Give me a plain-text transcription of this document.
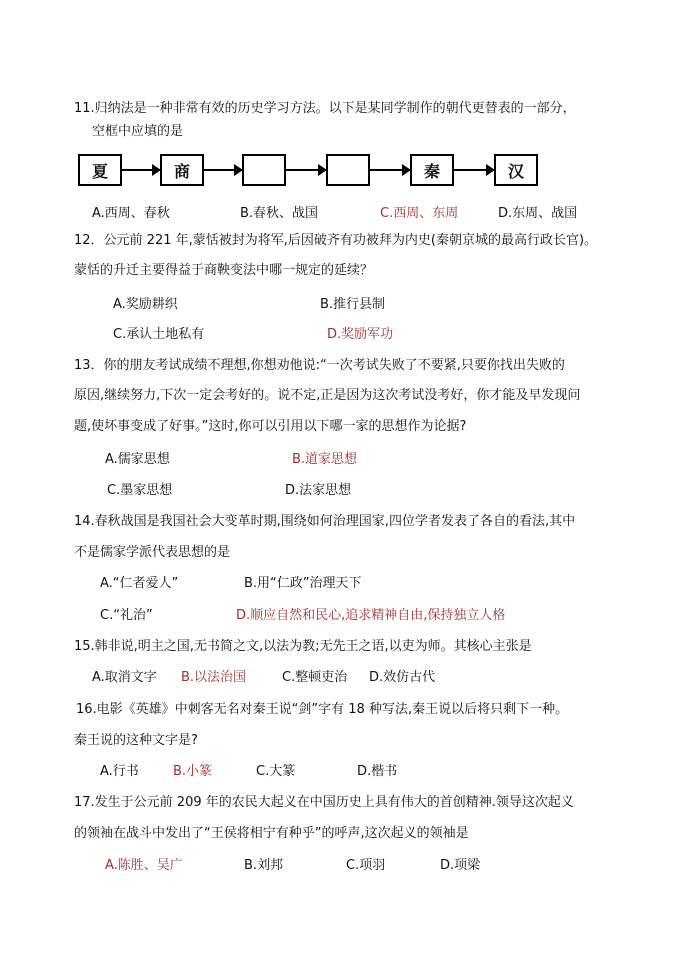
11.归纳法是一种非常有效的历史学习方法。以下是某同学制作的朝代更替表的一部分，
空框中应填的是
夏	商	秦	汉
A.西周、春秋	B.春秋、战国	C.西周、东周	D.东周、战国
12．公元前 221 年,蒙恬被封为将军,后因破齐有功被拜为内史(秦朝京城的最高行政长官)。
蒙恬的升迁主要得益于商鞅变法中哪一规定的延续？
A.奖励耕织	B.推行县制
C.承认土地私有	D.奖励军功
13．你的朋友考试成绩不理想,你想劝他说:“一次考试失败了不要紧,只要你找出失败的
原因,继续努力,下次一定会考好的。说不定,正是因为这次考试没考好，你才能及早发现问
题,使坏事变成了好事。”这时,你可以引用以下哪一家的思想作为论据?
A.儒家思想	B.道家思想
C.墨家思想	D.法家思想
14.春秋战国是我国社会大变革时期,围绕如何治理国家,四位学者发表了各自的看法,其中
不是儒家学派代表思想的是
A.“仁者爱人”	B.用“仁政”治理天下
C.“礼治”	D.顺应自然和民心,追求精神自由,保持独立人格
15.韩非说,明主之国,无书简之文,以法为教;无先王之语,以吏为师。其核心主张是
A.取消文字 B.以法治国	C.整顿吏治 D.效仿古代
16.电影《英雄》中刺客无名对秦王说“剑”字有 18 种写法,秦王说以后将只剩下一种。
秦王说的这种文字是?
A.行书	B.小篆	C.大篆	D.楷书
17.发生于公元前 209 年的农民大起义在中国历史上具有伟大的首创精神.领导这次起义
的领袖在战斗中发出了“王侯将相宁有种乎”的呼声,这次起义的领袖是
A.陈胜、吴广	B.刘邦	C.项羽	D.项梁
